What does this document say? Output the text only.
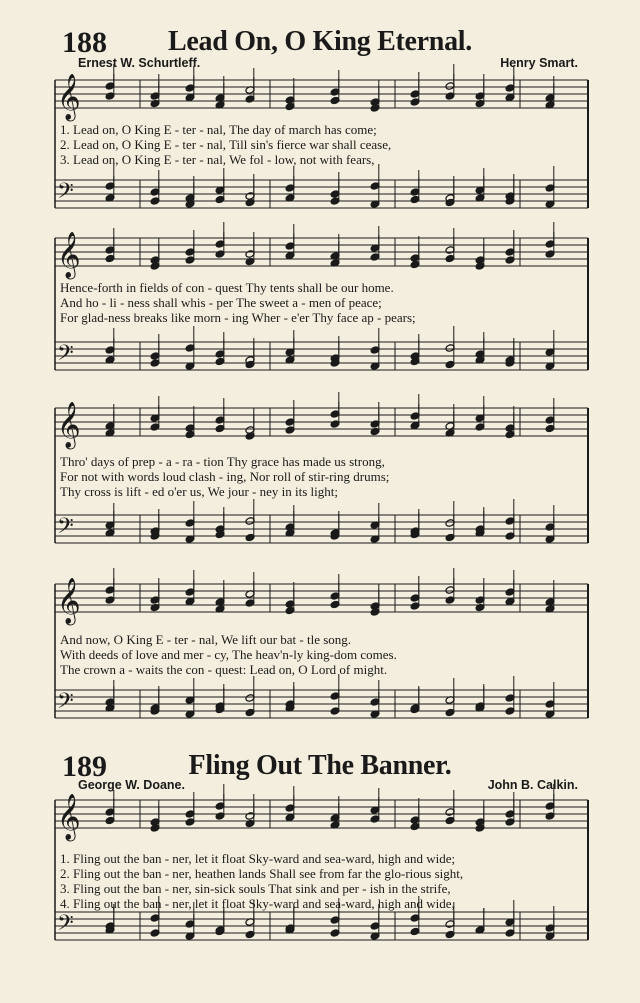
𝄞
𝄢
𝄞
𝄢
𝄞
𝄢
𝄞
𝄢
𝄞
𝄢
188	Lead On, O King Eternal.
Ernest W. Schurtleff.	Henry Smart.
1. Lead on, O King E - ter - nal, The day of march has come;
2. Lead on, O King E - ter - nal, Till sin's fierce war shall cease,
3. Lead on, O King E - ter - nal, We fol - low, not with fears,
Hence-forth in fields of con - quest Thy tents shall be our home.
And ho - li - ness shall whis - per The sweet a - men of peace;
For glad-ness breaks like morn - ing Wher - e'er Thy face ap - pears;
Thro' days of prep - a - ra - tion Thy grace has made us strong,
For not with words loud clash - ing, Nor roll of stir-ring drums;
Thy cross is lift - ed o'er us, We jour - ney in its light;
And now, O King E - ter - nal, We lift our bat - tle song.
With deeds of love and mer - cy, The heav'n-ly king-dom comes.
The crown a - waits the con - quest: Lead on, O Lord of might.
189	Fling Out The Banner.
George W. Doane.	John B. Calkin.
1. Fling out the ban - ner, let it float Sky-ward and sea-ward, high and wide;
2. Fling out the ban - ner, heathen lands Shall see from far the glo-rious sight,
3. Fling out the ban - ner, sin-sick souls That sink and per - ish in the strife,
4. Fling out the ban - ner, let it float Sky-ward and sea-ward, high and wide,
